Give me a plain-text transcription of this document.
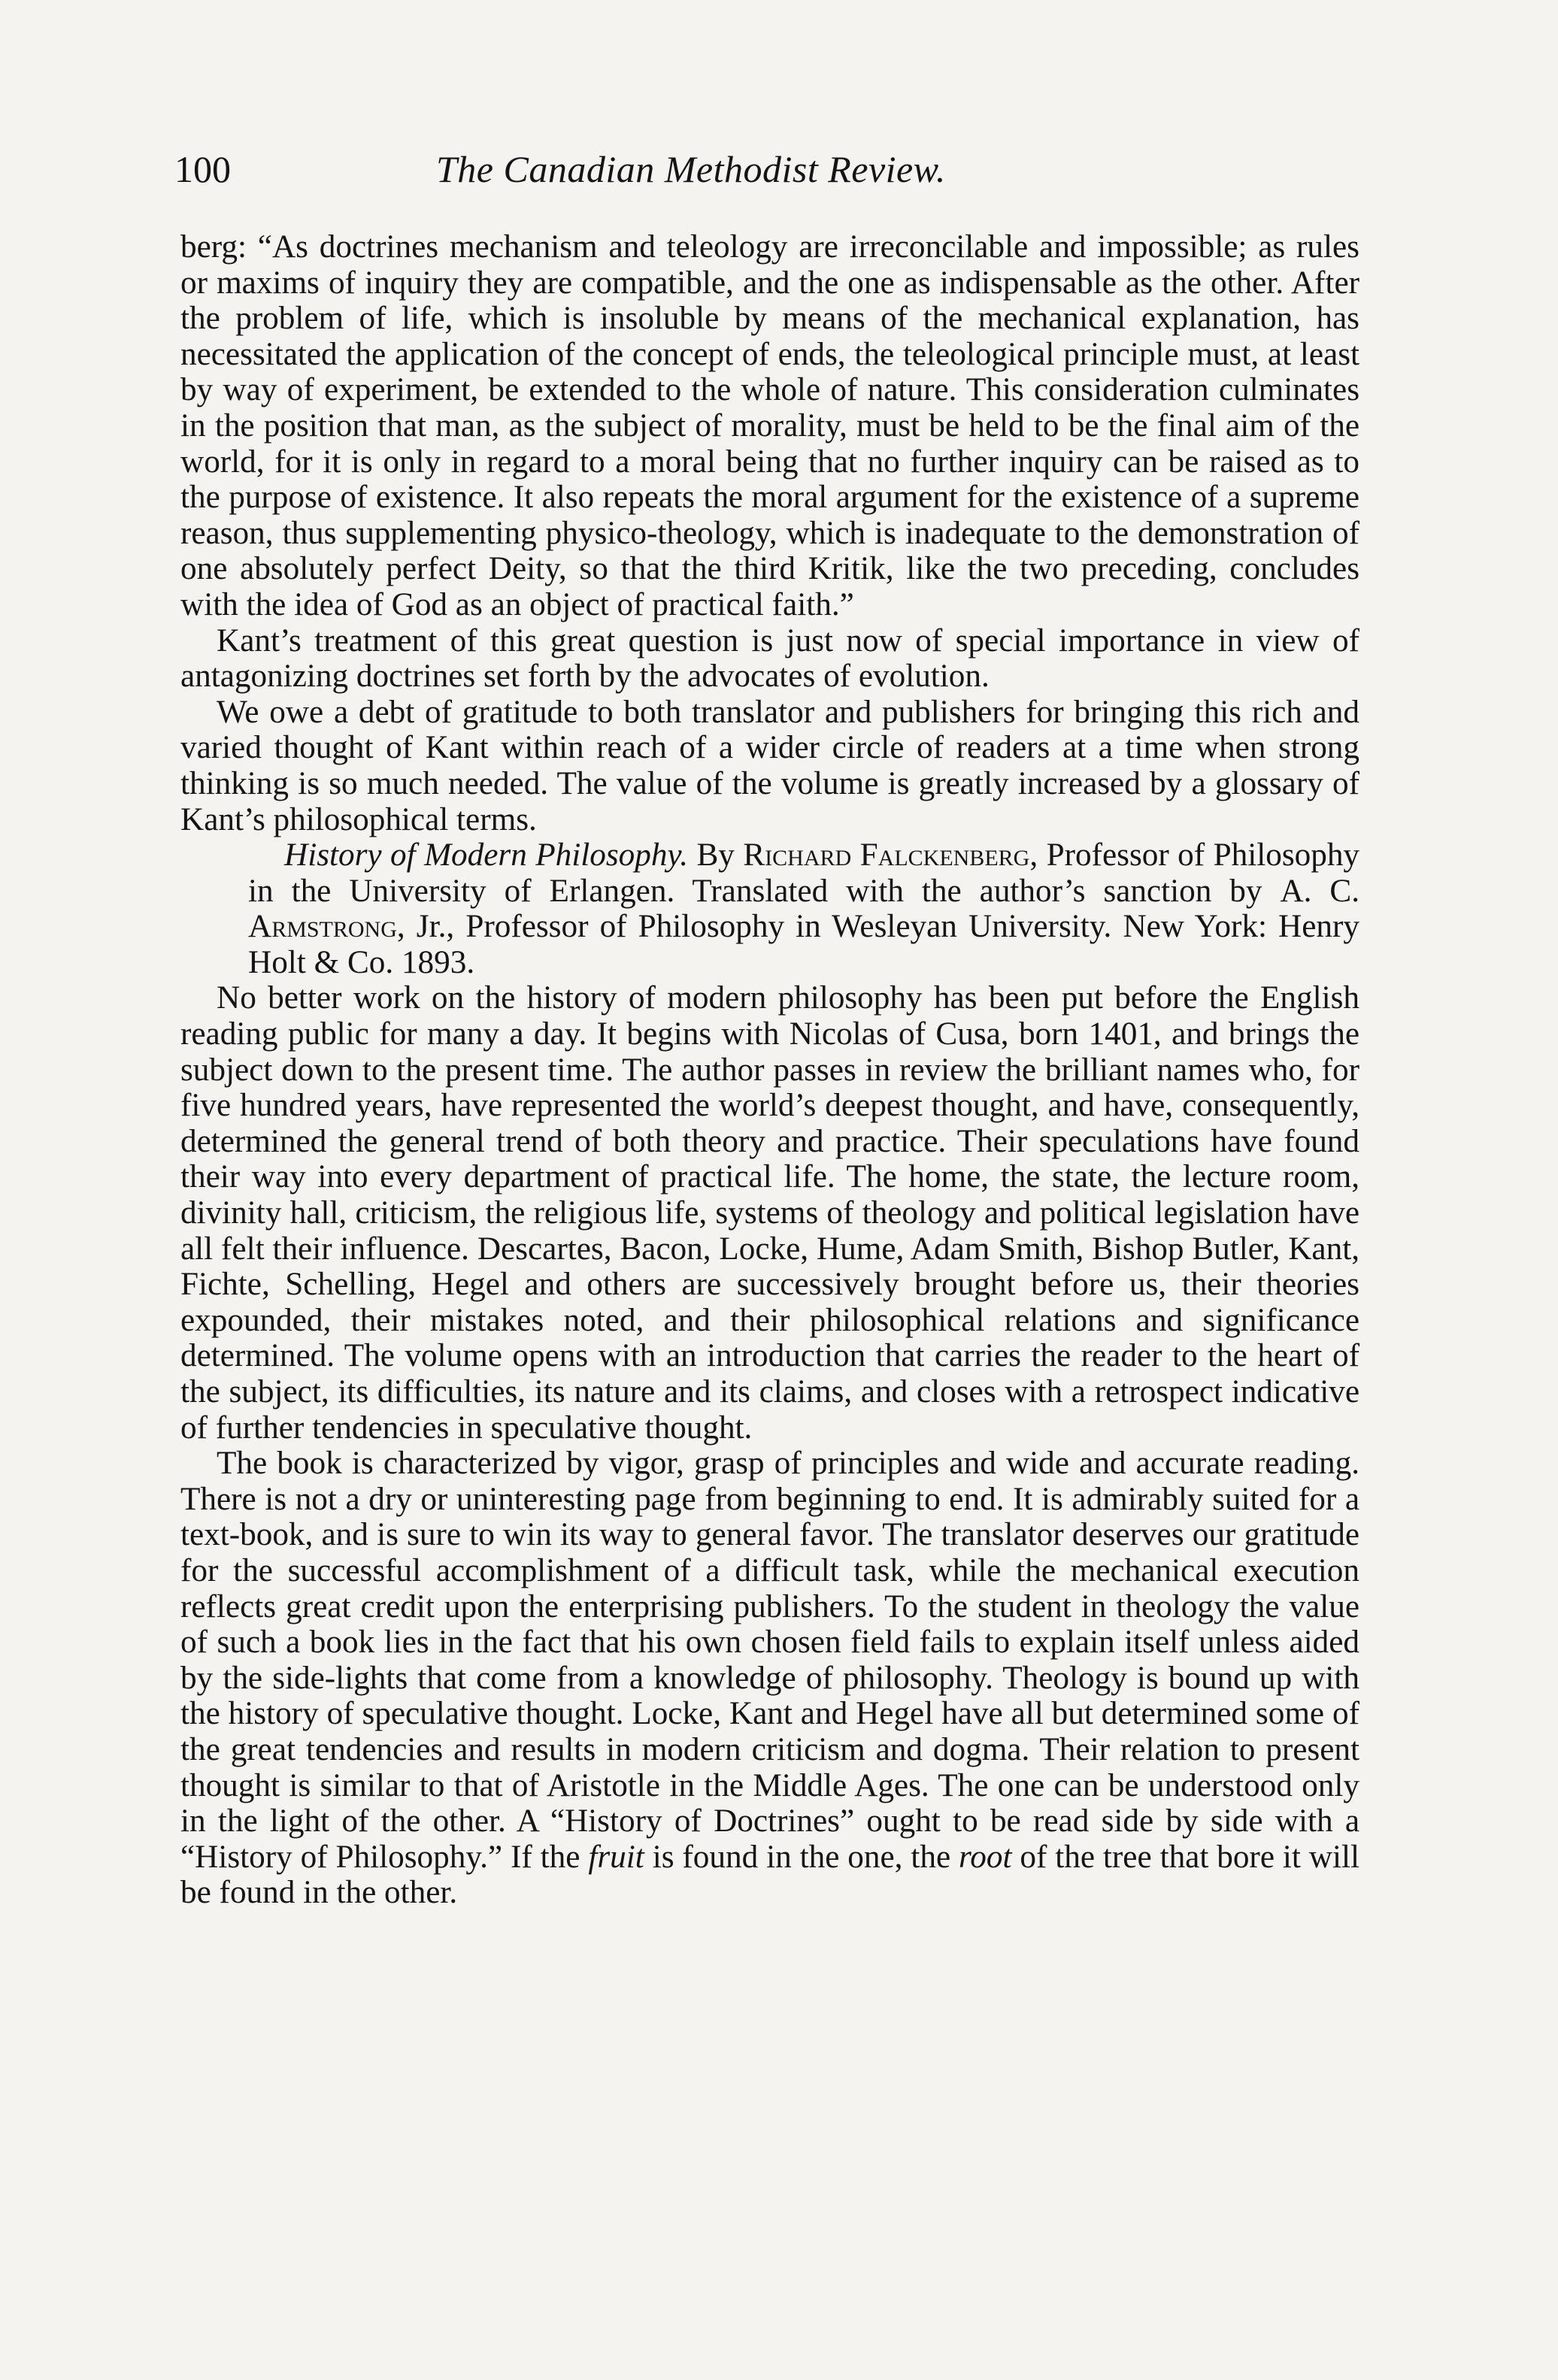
100	The Canadian Methodist Review.

berg: “As doctrines mechanism and teleology are irreconcilable and impossible; as rules or maxims of inquiry they are compatible, and the one as indispensable as the other. After the problem of life, which is insoluble by means of the mechanical explanation, has necessitated the application of the concept of ends, the teleological principle must, at least by way of experiment, be extended to the whole of nature. This consideration culminates in the position that man, as the subject of morality, must be held to be the final aim of the world, for it is only in regard to a moral being that no further inquiry can be raised as to the purpose of existence. It also repeats the moral argument for the existence of a supreme reason, thus supplementing physico-theology, which is inadequate to the demonstration of one absolutely perfect Deity, so that the third Kritik, like the two preceding, concludes with the idea of God as an object of practical faith.”

Kant’s treatment of this great question is just now of special importance in view of antagonizing doctrines set forth by the advocates of evolution.

We owe a debt of gratitude to both translator and publishers for bringing this rich and varied thought of Kant within reach of a wider circle of readers at a time when strong thinking is so much needed. The value of the volume is greatly increased by a glossary of Kant’s philosophical terms.

History of Modern Philosophy. By Richard Falckenberg, Professor of Philosophy in the University of Erlangen. Translated with the author’s sanction by A. C. Armstrong, Jr., Professor of Philosophy in Wesleyan University. New York: Henry Holt & Co. 1893.

No better work on the history of modern philosophy has been put before the English reading public for many a day. It begins with Nicolas of Cusa, born 1401, and brings the subject down to the present time. The author passes in review the brilliant names who, for five hundred years, have represented the world’s deepest thought, and have, consequently, determined the general trend of both theory and practice. Their speculations have found their way into every department of practical life. The home, the state, the lecture room, divinity hall, criticism, the religious life, systems of theology and political legislation have all felt their influence. Descartes, Bacon, Locke, Hume, Adam Smith, Bishop Butler, Kant, Fichte, Schelling, Hegel and others are successively brought before us, their theories expounded, their mistakes noted, and their philosophical relations and significance determined. The volume opens with an introduction that carries the reader to the heart of the subject, its difficulties, its nature and its claims, and closes with a retrospect indicative of further tendencies in speculative thought.

The book is characterized by vigor, grasp of principles and wide and accurate reading. There is not a dry or uninteresting page from beginning to end. It is admirably suited for a text-book, and is sure to win its way to general favor. The translator deserves our gratitude for the successful accomplishment of a difficult task, while the mechanical execution reflects great credit upon the enterprising publishers. To the student in theology the value of such a book lies in the fact that his own chosen field fails to explain itself unless aided by the side-lights that come from a knowledge of philosophy. Theology is bound up with the history of speculative thought. Locke, Kant and Hegel have all but determined some of the great tendencies and results in modern criticism and dogma. Their relation to present thought is similar to that of Aristotle in the Middle Ages. The one can be understood only in the light of the other. A “History of Doctrines” ought to be read side by side with a “History of Philosophy.” If the fruit is found in the one, the root of the tree that bore it will be found in the other.
